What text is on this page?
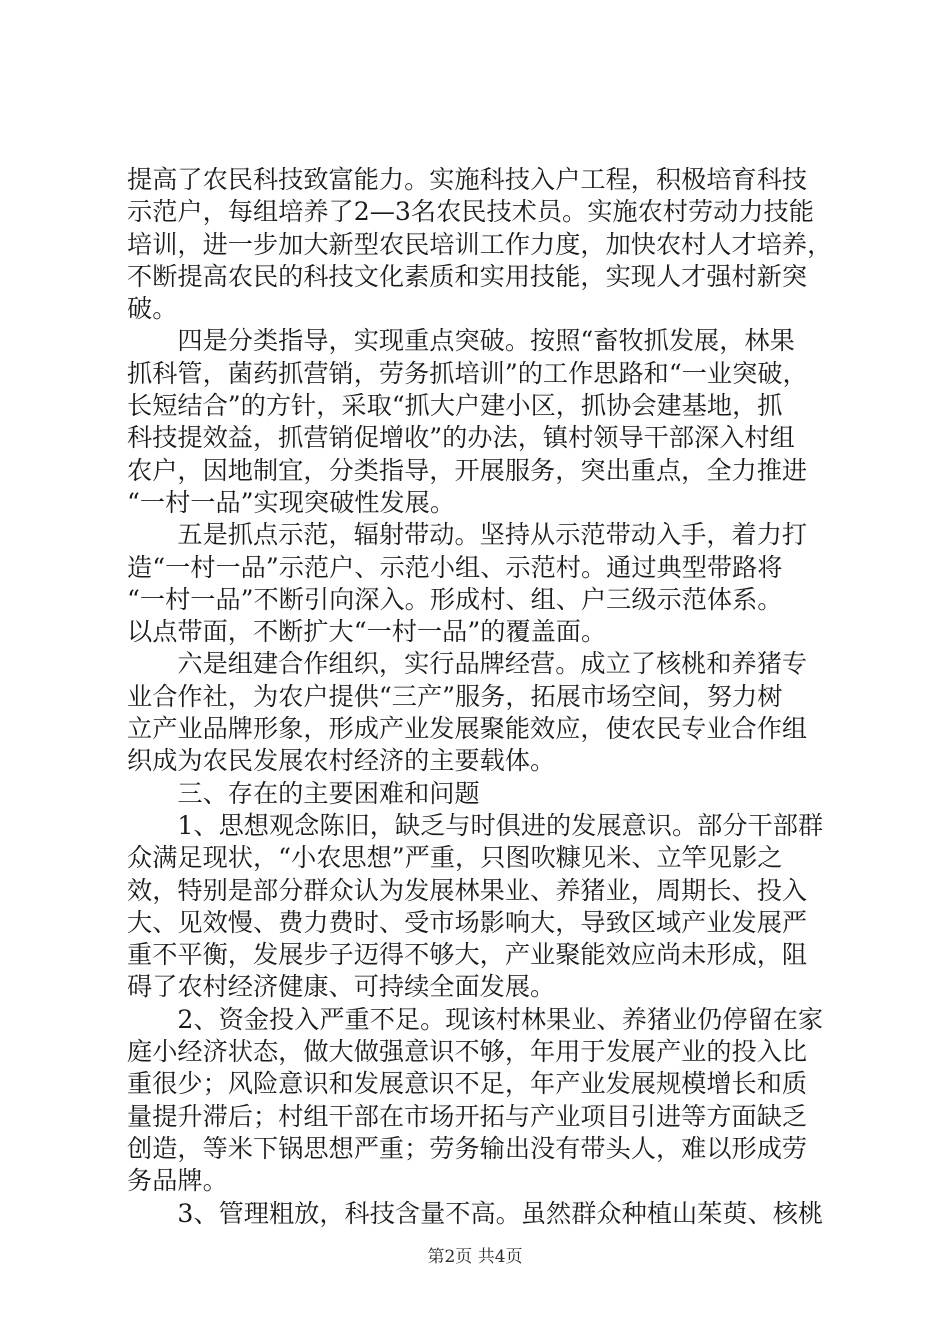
提高了农民科技致富能力。实施科技入户工程，积极培育科技
示范户，每组培养了2—3名农民技术员。实施农村劳动力技能
培训，进一步加大新型农民培训工作力度，加快农村人才培养，
不断提高农民的科技文化素质和实用技能，实现人才强村新突
破。
　　四是分类指导，实现重点突破。按照“畜牧抓发展，林果
抓科管，菌药抓营销，劳务抓培训”的工作思路和“一业突破，
长短结合”的方针，采取“抓大户建小区，抓协会建基地，抓
科技提效益，抓营销促增收”的办法，镇村领导干部深入村组
农户，因地制宜，分类指导，开展服务，突出重点，全力推进
“一村一品”实现突破性发展。
　　五是抓点示范，辐射带动。坚持从示范带动入手，着力打
造“一村一品”示范户、示范小组、示范村。通过典型带路将
“一村一品”不断引向深入。形成村、组、户三级示范体系。
以点带面，不断扩大“一村一品”的覆盖面。
　　六是组建合作组织，实行品牌经营。成立了核桃和养猪专
业合作社，为农户提供“三产”服务，拓展市场空间，努力树
立产业品牌形象，形成产业发展聚能效应，使农民专业合作组
织成为农民发展农村经济的主要载体。
　　三、存在的主要困难和问题
　　1、思想观念陈旧，缺乏与时俱进的发展意识。部分干部群
众满足现状，“小农思想”严重，只图吹糠见米、立竿见影之
效，特别是部分群众认为发展林果业、养猪业，周期长、投入
大、见效慢、费力费时、受市场影响大，导致区域产业发展严
重不平衡，发展步子迈得不够大，产业聚能效应尚未形成，阻
碍了农村经济健康、可持续全面发展。
　　2、资金投入严重不足。现该村林果业、养猪业仍停留在家
庭小经济状态，做大做强意识不够，年用于发展产业的投入比
重很少；风险意识和发展意识不足，年产业发展规模增长和质
量提升滞后；村组干部在市场开拓与产业项目引进等方面缺乏
创造，等米下锅思想严重；劳务输出没有带头人，难以形成劳
务品牌。
　　3、管理粗放，科技含量不高。虽然群众种植山茱萸、核桃
第2页 共4页
